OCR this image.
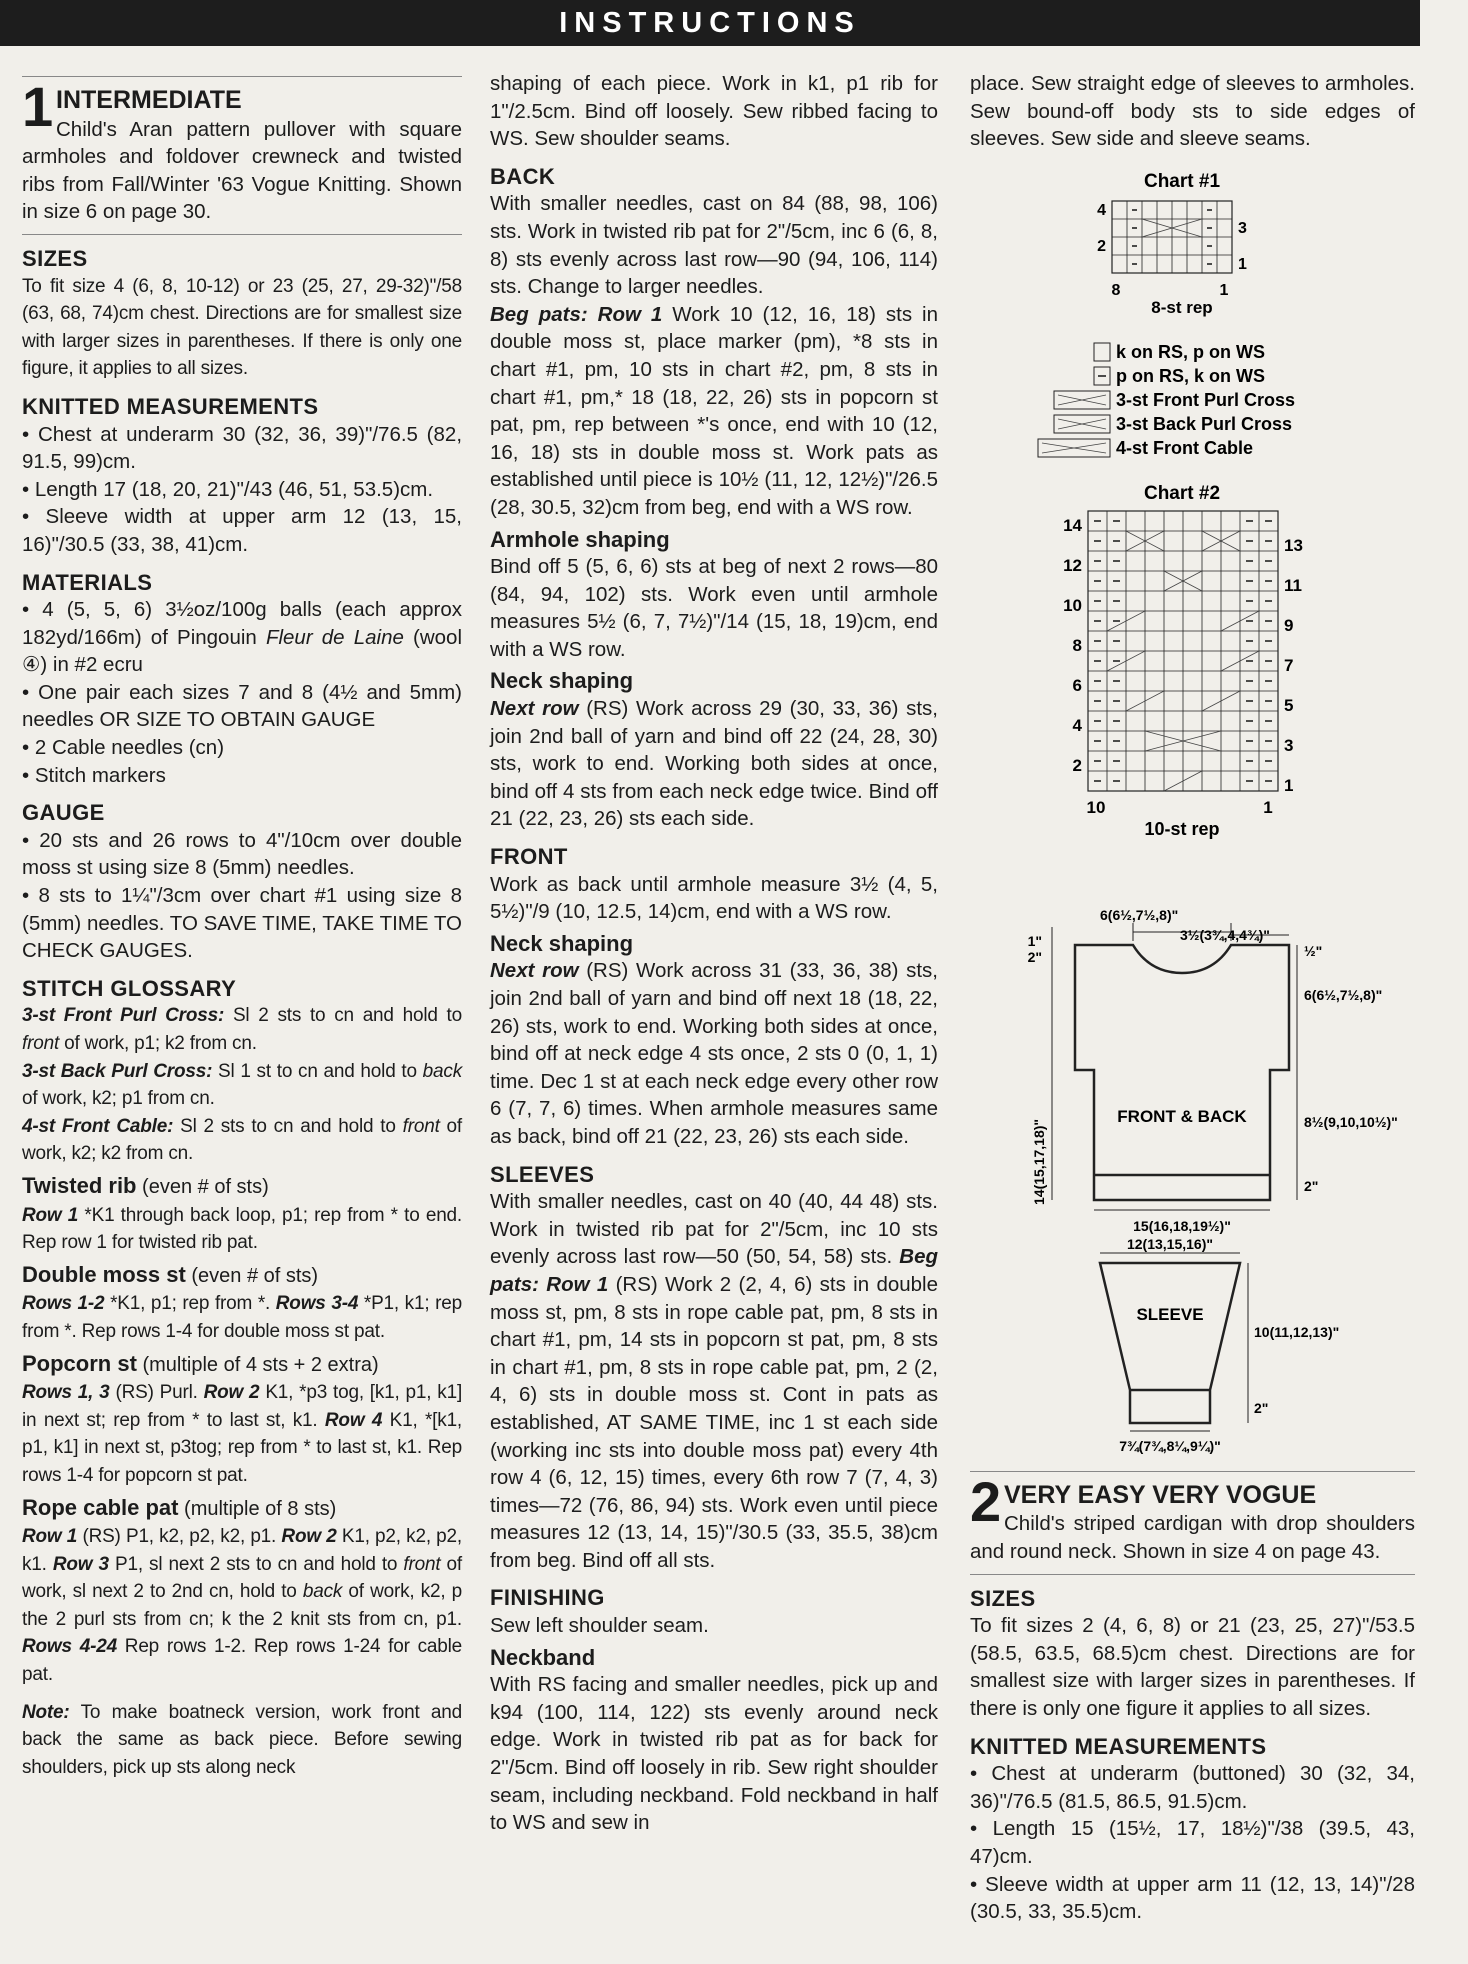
INSTRUCTIONS
1 INTERMEDIATE

Child's Aran pattern pullover with square armholes and foldover crewneck and twisted ribs from Fall/Winter '63 Vogue Knitting. Shown in size 6 on page 30.

SIZES

To fit size 4 (6, 8, 10-12) or 23 (25, 27, 29-32)"/58 (63, 68, 74)cm chest. Directions are for smallest size with larger sizes in parentheses. If there is only one figure, it applies to all sizes.

KNITTED MEASUREMENTS

• Chest at underarm 30 (32, 36, 39)"/76.5 (82, 91.5, 99)cm.

• Length 17 (18, 20, 21)"/43 (46, 51, 53.5)cm.

• Sleeve width at upper arm 12 (13, 15, 16)"/30.5 (33, 38, 41)cm.

MATERIALS

• 4 (5, 5, 6) 3½oz/100g balls (each approx 182yd/166m) of Pingouin Fleur de Laine (wool ④) in #2 ecru

• One pair each sizes 7 and 8 (4½ and 5mm) needles OR SIZE TO OBTAIN GAUGE

• 2 Cable needles (cn)

• Stitch markers

GAUGE

• 20 sts and 26 rows to 4"/10cm over double moss st using size 8 (5mm) needles.

• 8 sts to 1¼"/3cm over chart #1 using size 8 (5mm) needles. TO SAVE TIME, TAKE TIME TO CHECK GAUGES.

STITCH GLOSSARY

3-st Front Purl Cross: Sl 2 sts to cn and hold to front of work, p1; k2 from cn.

3-st Back Purl Cross: Sl 1 st to cn and hold to back of work, k2; p1 from cn.

4-st Front Cable: Sl 2 sts to cn and hold to front of work, k2; k2 from cn.

Twisted rib (even # of sts)

Row 1 *K1 through back loop, p1; rep from * to end. Rep row 1 for twisted rib pat.

Double moss st (even # of sts)

Rows 1-2 *K1, p1; rep from *. Rows 3-4 *P1, k1; rep from *. Rep rows 1-4 for double moss st pat.

Popcorn st (multiple of 4 sts + 2 extra)

Rows 1, 3 (RS) Purl. Row 2 K1, *p3 tog, [k1, p1, k1] in next st; rep from * to last st, k1. Row 4 K1, *[k1, p1, k1] in next st, p3tog; rep from * to last st, k1. Rep rows 1-4 for popcorn st pat.

Rope cable pat (multiple of 8 sts)

Row 1 (RS) P1, k2, p2, k2, p1. Row 2 K1, p2, k2, p2, k1. Row 3 P1, sl next 2 sts to cn and hold to front of work, sl next 2 to 2nd cn, hold to back of work, k2, p the 2 purl sts from cn; k the 2 knit sts from cn, p1. Rows 4-24 Rep rows 1-2. Rep rows 1-24 for cable pat.

Note: To make boatneck version, work front and back the same as back piece. Before sewing shoulders, pick up sts along neck

shaping of each piece. Work in k1, p1 rib for 1"/2.5cm. Bind off loosely. Sew ribbed facing to WS. Sew shoulder seams.

BACK

With smaller needles, cast on 84 (88, 98, 106) sts. Work in twisted rib pat for 2"/5cm, inc 6 (6, 8, 8) sts evenly across last row—90 (94, 106, 114) sts. Change to larger needles.

Beg pats: Row 1 Work 10 (12, 16, 18) sts in double moss st, place marker (pm), *8 sts in chart #1, pm, 10 sts in chart #2, pm, 8 sts in chart #1, pm,* 18 (18, 22, 26) sts in popcorn st pat, pm, rep between *'s once, end with 10 (12, 16, 18) sts in double moss st. Work pats as established until piece is 10½ (11, 12, 12½)"/26.5 (28, 30.5, 32)cm from beg, end with a WS row.

Armhole shaping

Bind off 5 (5, 6, 6) sts at beg of next 2 rows—80 (84, 94, 102) sts. Work even until armhole measures 5½ (6, 7, 7½)"/14 (15, 18, 19)cm, end with a WS row.

Neck shaping

Next row (RS) Work across 29 (30, 33, 36) sts, join 2nd ball of yarn and bind off 22 (24, 28, 30) sts, work to end. Working both sides at once, bind off 4 sts from each neck edge twice. Bind off 21 (22, 23, 26) sts each side.

FRONT

Work as back until armhole measure 3½ (4, 5, 5½)"/9 (10, 12.5, 14)cm, end with a WS row.

Neck shaping

Next row (RS) Work across 31 (33, 36, 38) sts, join 2nd ball of yarn and bind off next 18 (18, 22, 26) sts, work to end. Working both sides at once, bind off at neck edge 4 sts once, 2 sts 0 (0, 1, 1) time. Dec 1 st at each neck edge every other row 6 (7, 7, 6) times. When armhole measures same as back, bind off 21 (22, 23, 26) sts each side.

SLEEVES

With smaller needles, cast on 40 (40, 44 48) sts. Work in twisted rib pat for 2"/5cm, inc 10 sts evenly across last row—50 (50, 54, 58) sts. Beg pats: Row 1 (RS) Work 2 (2, 4, 6) sts in double moss st, pm, 8 sts in rope cable pat, pm, 8 sts in chart #1, pm, 14 sts in popcorn st pat, pm, 8 sts in chart #1, pm, 8 sts in rope cable pat, pm, 2 (2, 4, 6) sts in double moss st. Cont in pats as established, AT SAME TIME, inc 1 st each side (working inc sts into double moss pat) every 4th row 4 (6, 12, 15) times, every 6th row 7 (7, 4, 3) times—72 (76, 86, 94) sts. Work even until piece measures 12 (13, 14, 15)"/30.5 (33, 35.5, 38)cm from beg. Bind off all sts.

FINISHING

Sew left shoulder seam.

Neckband

With RS facing and smaller needles, pick up and k94 (100, 114, 122) sts evenly around neck edge. Work in twisted rib pat as for back for 2"/5cm. Bind off loosely in rib. Sew right shoulder seam, including neckband. Fold neckband in half to WS and sew in

place. Sew straight edge of sleeves to armholes. Sew bound-off body sts to side edges of sleeves. Sew side and sleeve seams.

Chart #1
4
2
3
1
8	1
8-st rep
k on RS, p on WS
p on RS, k on WS
3-st Front Purl Cross
3-st Back Purl Cross
4-st Front Cable
Chart #2
14
12
10
8
6
4
2
13
11
9
7
5
3
1
10	1
10-st rep
FRONT & BACK
6(6½,7½,8)"
3½(3¾,4,4¾)"
1"
2"	½"
6(6½,7½,8)"
8½(9,10,10½)"
2"
14(15,17,18)"
15(16,18,19½)"
12(13,15,16)"
SLEEVE
10(11,12,13)"
2"
7¾(7¾,8¼,9¼)"
2 VERY EASY VERY VOGUE

Child's striped cardigan with drop shoulders and round neck. Shown in size 4 on page 43.

SIZES

To fit sizes 2 (4, 6, 8) or 21 (23, 25, 27)"/53.5 (58.5, 63.5, 68.5)cm chest. Directions are for smallest size with larger sizes in parentheses. If there is only one figure it applies to all sizes.

KNITTED MEASUREMENTS

• Chest at underarm (buttoned) 30 (32, 34, 36)"/76.5 (81.5, 86.5, 91.5)cm.

• Length 15 (15½, 17, 18½)"/38 (39.5, 43, 47)cm.

• Sleeve width at upper arm 11 (12, 13, 14)"/28 (30.5, 33, 35.5)cm.
